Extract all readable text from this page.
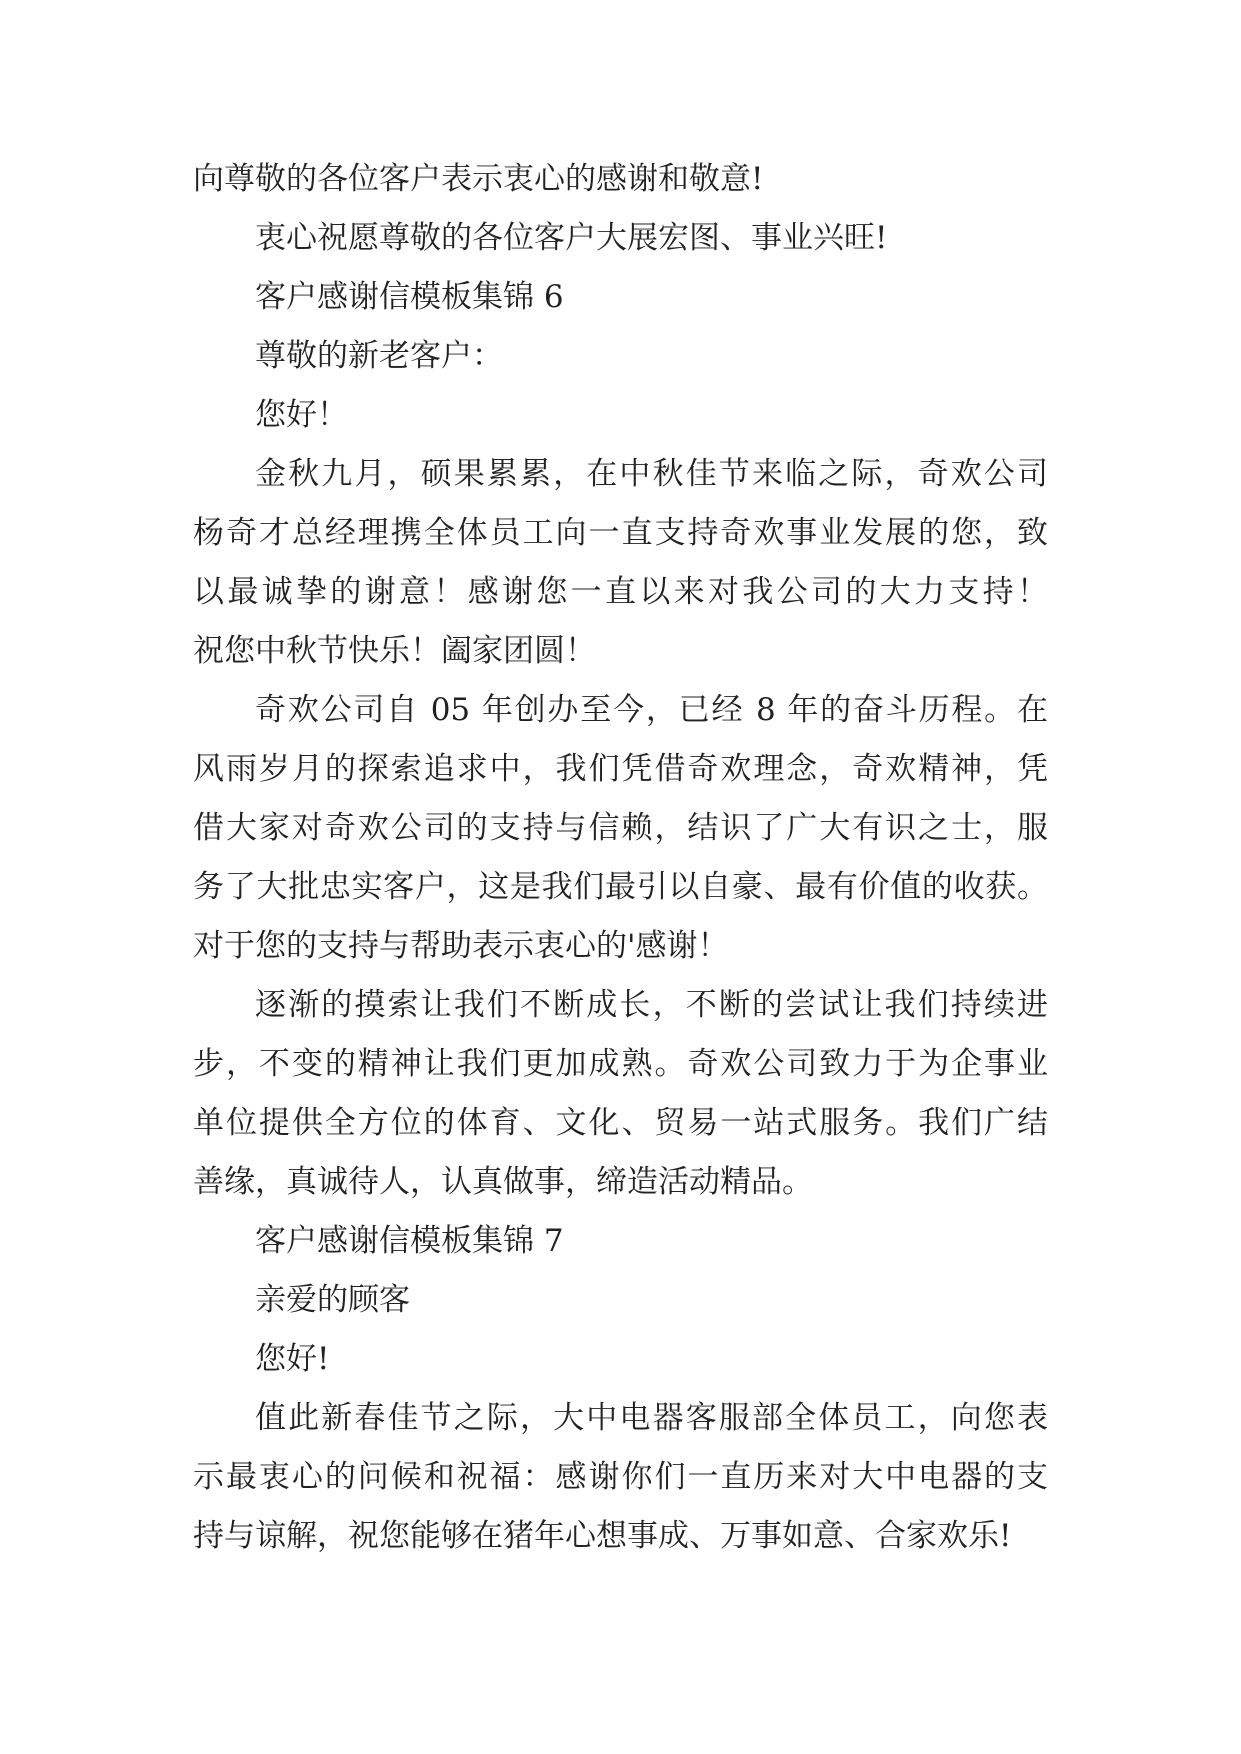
向尊敬的各位客户表示衷心的感谢和敬意!
衷心祝愿尊敬的各位客户大展宏图、事业兴旺!
客户感谢信模板集锦 6
尊敬的新老客户：
您好！
金秋九月，硕果累累，在中秋佳节来临之际，奇欢公司
杨奇才总经理携全体员工向一直支持奇欢事业发展的您，致
以最诚挚的谢意！感谢您一直以来对我公司的大力支持！
祝您中秋节快乐！阖家团圆！
奇欢公司自 05 年创办至今，已经 8 年的奋斗历程。在
风雨岁月的探索追求中，我们凭借奇欢理念，奇欢精神，凭
借大家对奇欢公司的支持与信赖，结识了广大有识之士，服
务了大批忠实客户，这是我们最引以自豪、最有价值的收获。
对于您的支持与帮助表示衷心的'感谢！
逐渐的摸索让我们不断成长，不断的尝试让我们持续进
步，不变的精神让我们更加成熟。奇欢公司致力于为企事业
单位提供全方位的体育、文化、贸易一站式服务。我们广结
善缘，真诚待人，认真做事，缔造活动精品。
客户感谢信模板集锦 7
亲爱的顾客
您好!
值此新春佳节之际，大中电器客服部全体员工，向您表
示最衷心的问候和祝福：感谢你们一直历来对大中电器的支
持与谅解，祝您能够在猪年心想事成、万事如意、合家欢乐!
